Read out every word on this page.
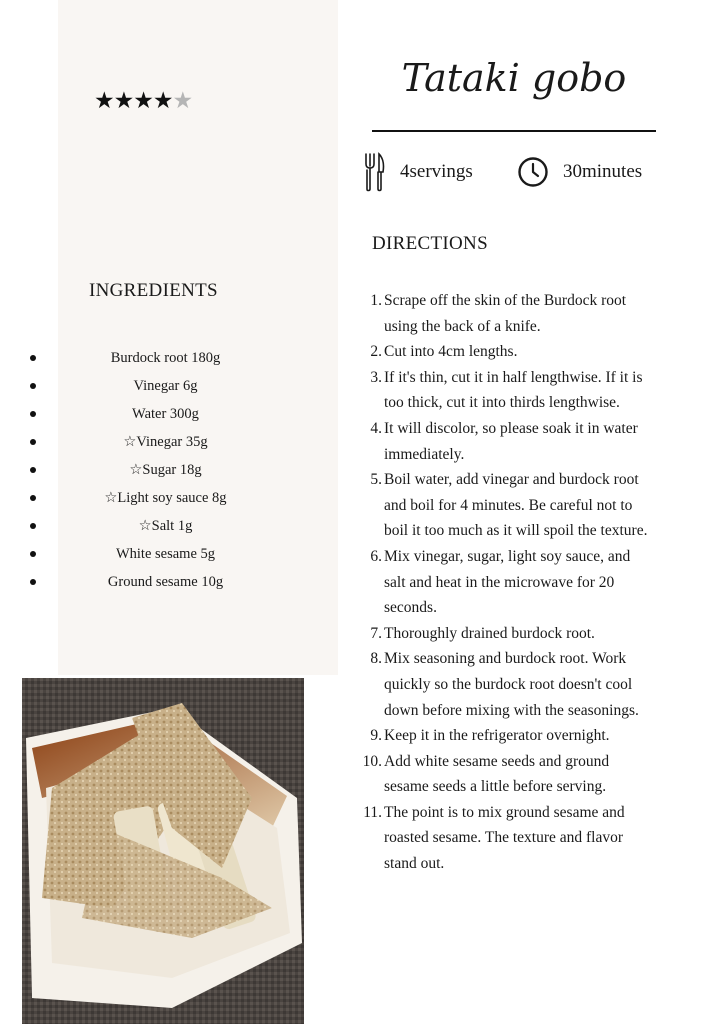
★★★★★
INGREDIENTS
Burdock root 180g
Vinegar 6g
Water 300g
☆Vinegar 35g
☆Sugar 18g
☆Light soy sauce 8g
☆Salt 1g
White sesame 5g
Ground sesame 10g
Tataki gobo
4servings	30minutes
DIRECTIONS
1. Scrape off the skin of the Burdock root using the back of a knife.
2. Cut into 4cm lengths.
3. If it's thin, cut it in half lengthwise. If it is too thick, cut it into thirds lengthwise.
4. It will discolor, so please soak it in water immediately.
5. Boil water, add vinegar and burdock root and boil for 4 minutes. Be careful not to boil it too much as it will spoil the texture.
6. Mix vinegar, sugar, light soy sauce, and salt and heat in the microwave for 20 seconds.
7. Thoroughly drained burdock root.
8. Mix seasoning and burdock root. Work quickly so the burdock root doesn't cool down before mixing with the seasonings.
9. Keep it in the refrigerator overnight.
10. Add white sesame seeds and ground sesame seeds a little before serving.
11. The point is to mix ground sesame and roasted sesame. The texture and flavor stand out.
